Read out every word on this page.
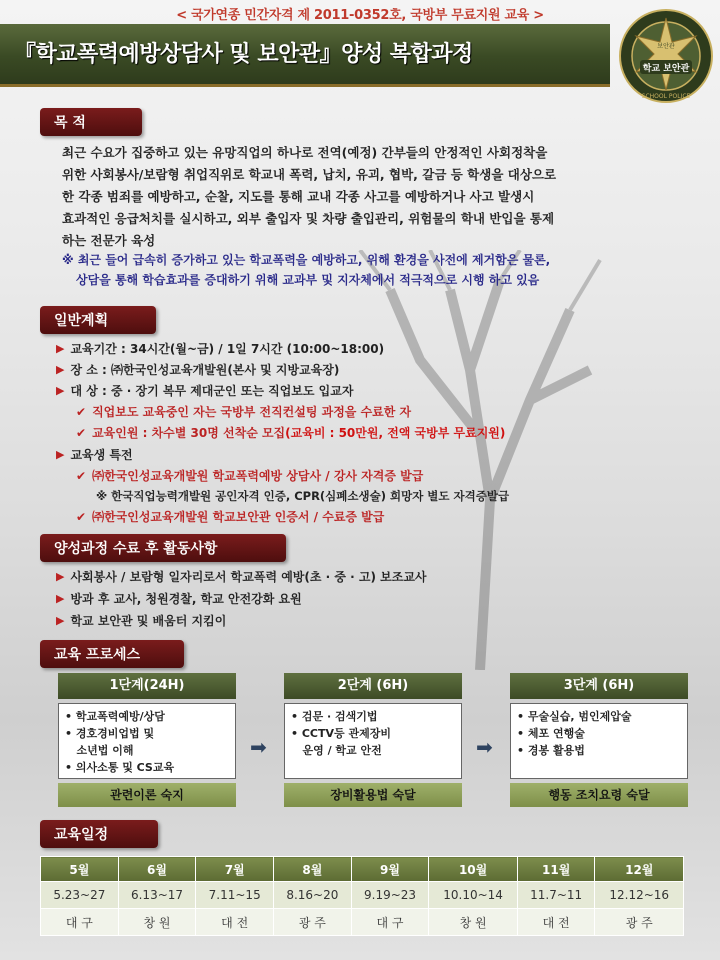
< 국가연종 민간자격 제 2011-0352호, 국방부 무료지원 교육 >
『학교폭력예방상담사 및 보안관』양성 복합과정
학교 보안관
보안관
SCHOOL POLICE
목 적
최근 수요가 집중하고 있는 유망직업의 하나로 전역(예정) 간부들의 안정적인 사회정착을
위한 사회봉사/보람형 취업직위로 학교내 폭력, 납치, 유괴, 협박, 갈금 등 학생을 대상으로
한 각종 범죄를 예방하고, 순찰, 지도를 통해 교내 각종 사고를 예방하거나 사고 발생시
효과적인 응급처치를 실시하고, 외부 출입자 및 차량 출입관리, 위험물의 학내 반입을 통제
하는 전문가 육성
※ 최근 들어 급속히 증가하고 있는 학교폭력을 예방하고, 위해 환경을 사전에 제거함은 물론,
상담을 통해 학습효과를 증대하기 위해 교과부 및 지자체에서 적극적으로 시행 하고 있음
일반계획
▶ 교육기간 : 34시간(월~금) / 1일 7시간 (10:00~18:00)
▶ 장 소 : ㈜한국인성교육개발원(본사 및 지방교육장)
▶ 대 상 : 중 · 장기 복무 제대군인 또는 직업보도 입교자
✔ 직업보도 교육중인 자는 국방부 전직컨설팅 과정을 수료한 자
✔ 교육인원 : 차수별 30명 선착순 모집 (교육비 : 50만원, 전액 국방부 무료지원)
▶ 교육생 특전
✔ ㈜한국인성교육개발원 학교폭력예방 상담사 / 강사 자격증 발급
※ 한국직업능력개발원 공인자격 인증, CPR(심폐소생술) 희망자 별도 자격증발급
✔ ㈜한국인성교육개발원 학교보안관 인증서 / 수료증 발급
양성과정 수료 후 활동사항
▶ 사회봉사 / 보람형 일자리로서 학교폭력 예방(초 · 중 · 고) 보조교사
▶ 방과 후 교사, 청원경찰, 학교 안전강화 요원
▶ 학교 보안관 및 배움터 지킴이
교육 프로세스
1단계(24H)
• 학교폭력예방/상담
• 경호경비업법 및
소년법 이해
• 의사소통 및 CS교육
관련이론 숙지
➡
2단계 (6H)
• 검문 · 검색기법
• CCTV등 관제장비
운영 / 학교 안전
장비활용법 숙달
➡
3단계 (6H)
• 무술실습, 범인제압술
• 체포 연행술
• 경봉 활용법
행동 조치요령 숙달
교육일정
5월	6월	7월	8월	9월	10월	11월	12월
5.23~27	6.13~17	7.11~15	8.16~20	9.19~23	10.10~14	11.7~11	12.12~16
대 구	창 원	대 전	광 주	대 구	창 원	대 전	광 주
